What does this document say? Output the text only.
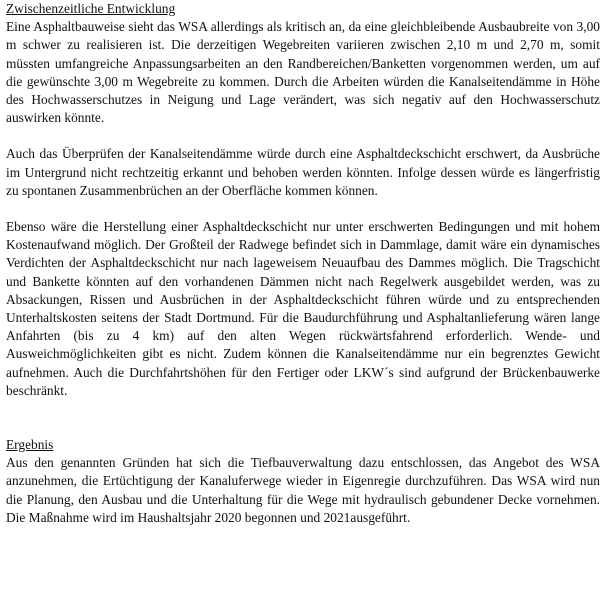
Zwischenzeitliche Entwicklung

Eine Asphaltbauweise sieht das WSA allerdings als kritisch an, da eine gleichbleibende Ausbaubreite von 3,00 m schwer zu realisieren ist. Die derzeitigen Wegebreiten variieren zwischen 2,10 m und 2,70 m, somit müssten umfangreiche Anpassungsarbeiten an den Randbereichen/Banketten vorgenommen werden, um auf die gewünschte 3,00 m Wegebreite zu kommen. Durch die Arbeiten würden die Kanalseitendämme in Höhe des Hochwasserschutzes in Neigung und Lage verändert, was sich negativ auf den Hochwasserschutz auswirken könnte.

Auch das Überprüfen der Kanalseitendämme würde durch eine Asphaltdeckschicht erschwert, da Ausbrüche im Untergrund nicht rechtzeitig erkannt und behoben werden könnten. Infolge dessen würde es längerfristig zu spontanen Zusammenbrüchen an der Oberfläche kommen können.

Ebenso wäre die Herstellung einer Asphaltdeckschicht nur unter erschwerten Bedingungen und mit hohem Kostenaufwand möglich. Der Großteil der Radwege befindet sich in Dammlage, damit wäre ein dynamisches Verdichten der Asphaltdeckschicht nur nach lageweisem Neuaufbau des Dammes möglich. Die Tragschicht und Bankette könnten auf den vorhandenen Dämmen nicht nach Regelwerk ausgebildet werden, was zu Absackungen, Rissen und Ausbrüchen in der Asphaltdeckschicht führen würde und zu entsprechenden Unterhaltskosten seitens der Stadt Dortmund. Für die Baudurchführung und Asphaltanlieferung wären lange Anfahrten (bis zu 4 km) auf den alten Wegen rückwärtsfahrend erforderlich. Wende- und Ausweichmöglichkeiten gibt es nicht. Zudem können die Kanalseitendämme nur ein begrenztes Gewicht aufnehmen. Auch die Durchfahrtshöhen für den Fertiger oder LKW´s sind aufgrund der Brückenbauwerke beschränkt.

Ergebnis

Aus den genannten Gründen hat sich die Tiefbauverwaltung dazu entschlossen, das Angebot des WSA anzunehmen, die Ertüchtigung der Kanaluferwege wieder in Eigenregie durchzuführen. Das WSA wird nun die Planung, den Ausbau und die Unterhaltung für die Wege mit hydraulisch gebundener Decke vornehmen. Die Maßnahme wird im Haushaltsjahr 2020 begonnen und 2021ausgeführt.
